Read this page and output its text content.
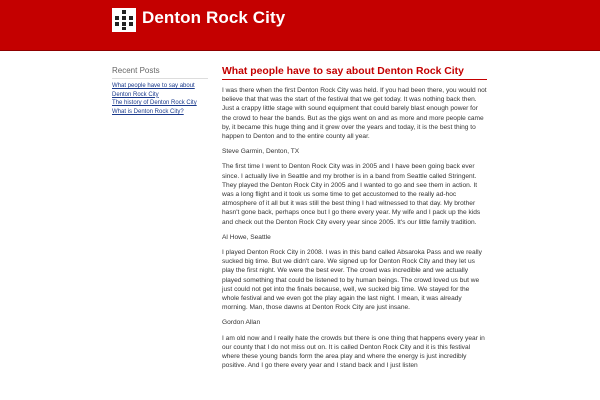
Denton Rock City
Recent Posts
What people have to say about
Denton Rock City
The history of Denton Rock City
What is Denton Rock City?
What people have to say about Denton Rock City

I was there when the first Denton Rock City was held. If you had been there, you would not believe that that was the start of the festival that we get today. It was nothing back then. Just a crappy little stage with sound equipment that could barely blast enough power for the crowd to hear the bands. But as the gigs went on and as more and more people came by, it became this huge thing and it grew over the years and today, it is the best thing to happen to Denton and to the entire county all year.

Steve Garmin, Denton, TX

The first time I went to Denton Rock City was in 2005 and I have been going back ever since. I actually live in Seattle and my brother is in a band from Seattle called Stringent. They played the Denton Rock City in 2005 and I wanted to go and see them in action. It was a long flight and it took us some time to get accustomed to the really ad-hoc atmosphere of it all but it was still the best thing I had witnessed to that day. My brother hasn't gone back, perhaps once but I go there every year. My wife and I pack up the kids and check out the Denton Rock City every year since 2005. It's our little family tradition.

Al Howe, Seattle

I played Denton Rock City in 2008. I was in this band called Absaroka Pass and we really sucked big time. But we didn't care. We signed up for Denton Rock City and they let us play the first night. We were the best ever. The crowd was incredible and we actually played something that could be listened to by human beings. The crowd loved us but we just could not get into the finals because, well, we sucked big time. We stayed for the whole festival and we even got the play again the last night. I mean, it was already morning. Man, those dawns at Denton Rock City are just insane.

Gordon Allan

I am old now and I really hate the crowds but there is one thing that happens every year in our county that I do not miss out on. It is called Denton Rock City and it is this festival where these young bands form the area play and where the energy is just incredibly positive. And I go there every year and I stand back and I just listen
